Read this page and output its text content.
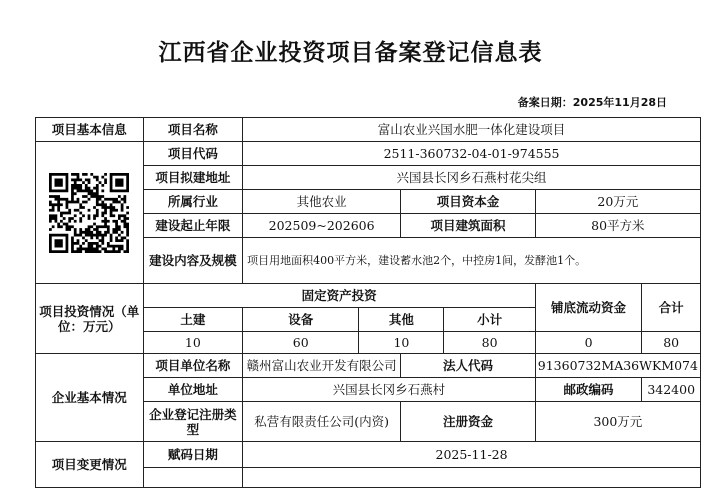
江西省企业投资项目备案登记信息表
备案日期：2025年11月28日
项目基本信息	项目名称	富山农业兴国水肥一体化建设项目					

	项目代码	2511-360732-04-01-974555					
	项目拟建地址	兴国县长冈乡石燕村花尖组					
	所属行业	其他农业		项目资本金		20万元	
	建设起止年限	202509~202606		项目建筑面积		80平方米	
	建设内容及规模	项目用地面积400平方米，建设蓄水池2个，中控房1间，发酵池1个。					
项目投资情况（单位：万元）	固定资产投资					铺底流动资金	合计
	土建	设备	其他		小计		
	10	60	10		80	0	80
企业基本情况	项目单位名称	赣州富山农业开发有限公司		法人代码		91360732MA36WKM074	
	单位地址	兴国县长冈乡石燕村				邮政编码	342400
	企业登记注册类型	私营有限责任公司(内资)		注册资金		300万元	
项目变更情况	赋码日期	2025-11-28					
